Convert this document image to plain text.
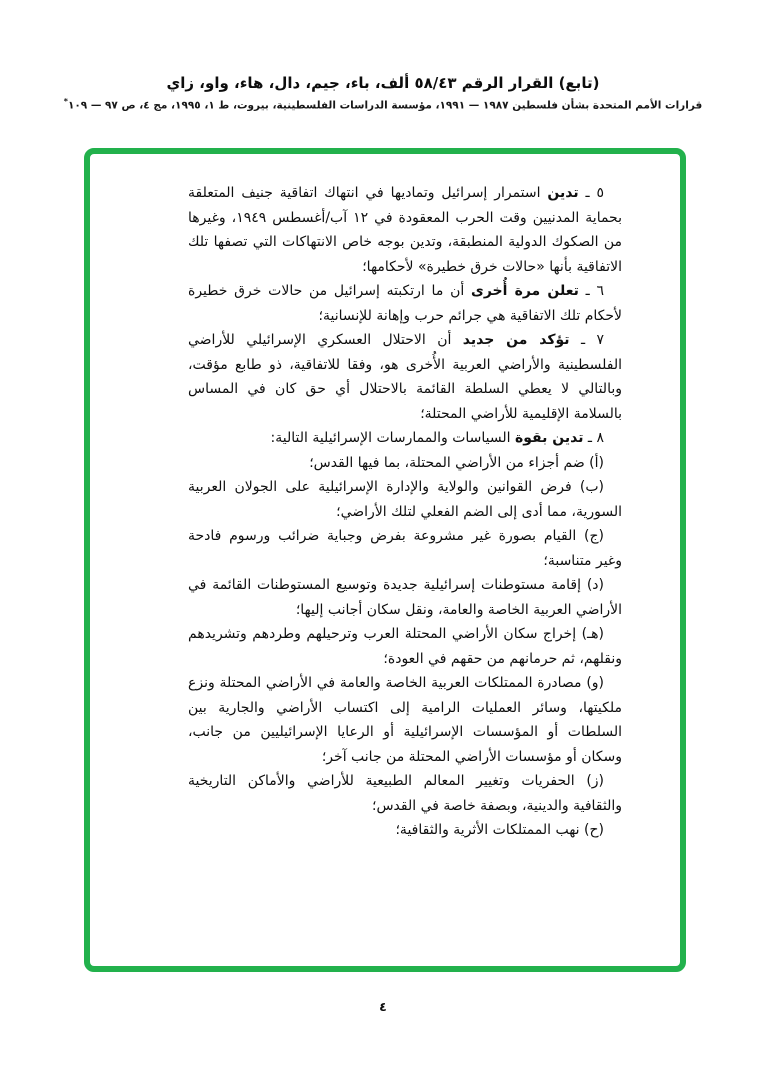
(تابع) القرار الرقم ٥٨/٤٣ ألف، باء، جيم، دال، هاء، واو، زاي
قرارات الأمم المتحدة بشأن فلسطين ١٩٨٧ — ١٩٩١، مؤسسة الدراسات الفلسطينية، بيروت، ط ١، ١٩٩٥، مج ٤، ص ٩٧ — ١٠٩*

٥ ـ تدين استمرار إسرائيل وتماديها في انتهاك اتفاقية جنيف المتعلقة بحماية المدنيين وقت الحرب المعقودة في ١٢ آب/أغسطس ١٩٤٩، وغيرها من الصكوك الدولية المنطبقة، وتدين بوجه خاص الانتهاكات التي تصفها تلك الاتفاقية بأنها «حالات خرق خطيرة» لأحكامها؛

٦ ـ تعلن مرة أُخرى أن ما ارتكبته إسرائيل من حالات خرق خطيرة لأحكام تلك الاتفاقية هي جرائم حرب وإهانة للإنسانية؛

٧ ـ تؤكد من جديد أن الاحتلال العسكري الإسرائيلي للأراضي الفلسطينية والأراضي العربية الأُخرى هو، وفقا للاتفاقية، ذو طابع مؤقت، وبالتالي لا يعطي السلطة القائمة بالاحتلال أي حق كان في المساس بالسلامة الإقليمية للأراضي المحتلة؛

٨ ـ تدين بقوة السياسات والممارسات الإسرائيلية التالية:

(أ) ضم أجزاء من الأراضي المحتلة، بما فيها القدس؛

(ب) فرض القوانين والولاية والإدارة الإسرائيلية على الجولان العربية السورية، مما أدى إلى الضم الفعلي لتلك الأراضي؛

(ج) القيام بصورة غير مشروعة بفرض وجباية ضرائب ورسوم فادحة وغير متناسبة؛

(د) إقامة مستوطنات إسرائيلية جديدة وتوسيع المستوطنات القائمة في الأراضي العربية الخاصة والعامة، ونقل سكان أجانب إليها؛

(هـ) إخراج سكان الأراضي المحتلة العرب وترحيلهم وطردهم وتشريدهم ونقلهم، ثم حرمانهم من حقهم في العودة؛

(و) مصادرة الممتلكات العربية الخاصة والعامة في الأراضي المحتلة ونزع ملكيتها، وسائر العمليات الرامية إلى اكتساب الأراضي والجارية بين السلطات أو المؤسسات الإسرائيلية أو الرعايا الإسرائيليين من جانب، وسكان أو مؤسسات الأراضي المحتلة من جانب آخر؛

(ز) الحفريات وتغيير المعالم الطبيعية للأراضي والأماكن التاريخية والثقافية والدينية، وبصفة خاصة في القدس؛

(ح) نهب الممتلكات الأثرية والثقافية؛

٤
